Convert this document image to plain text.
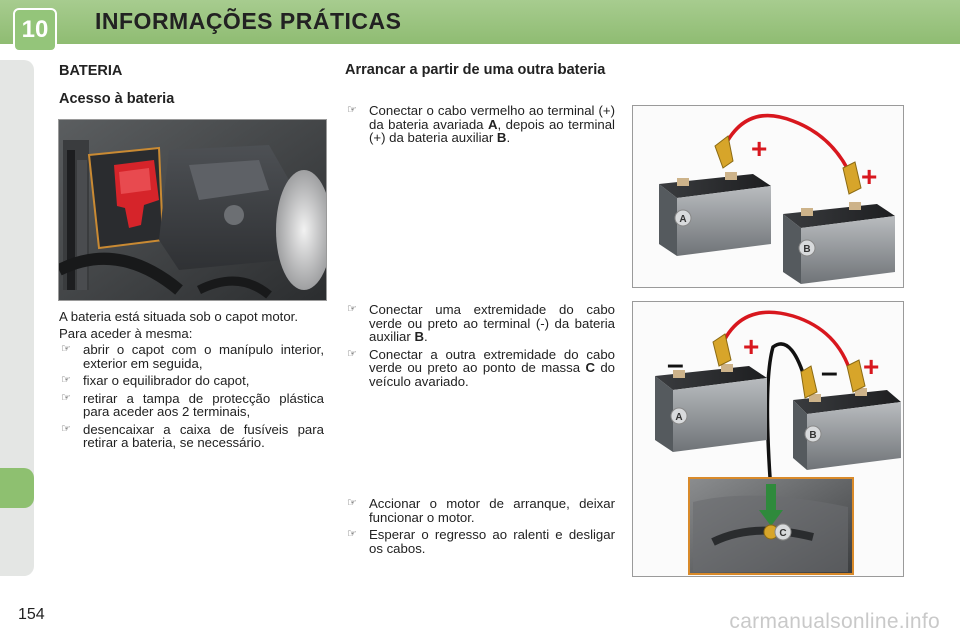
10	INFORMAÇÕES PRÁTICAS
BATERIA
Acesso à bateria
A bateria está situada sob o capot motor.
Para aceder à mesma:
☞ abrir o capot com o manípulo interior, exterior em seguida,
☞ fixar o equilibrador do capot,
☞ retirar a tampa de protecção plástica para aceder aos 2 terminais,
☞ desencaixar a caixa de fusíveis para retirar a bateria, se necessário.
Arrancar a partir de uma outra bateria
☞ Conectar o cabo vermelho ao terminal (+) da bateria avariada A, depois ao terminal (+) da bateria auxiliar B.
☞ Conectar uma extremidade do cabo verde ou preto ao terminal (-) da bateria auxiliar B.
☞ Conectar a outra extremidade do cabo verde ou preto ao ponto de massa C do veículo avariado.
☞ Accionar o motor de arranque, deixar funcionar o motor.
☞ Esperar o regresso ao ralenti e desligar os cabos.
A
+
B
+
A
+
–
B
+
–
C
154	carmanualsonline.info
